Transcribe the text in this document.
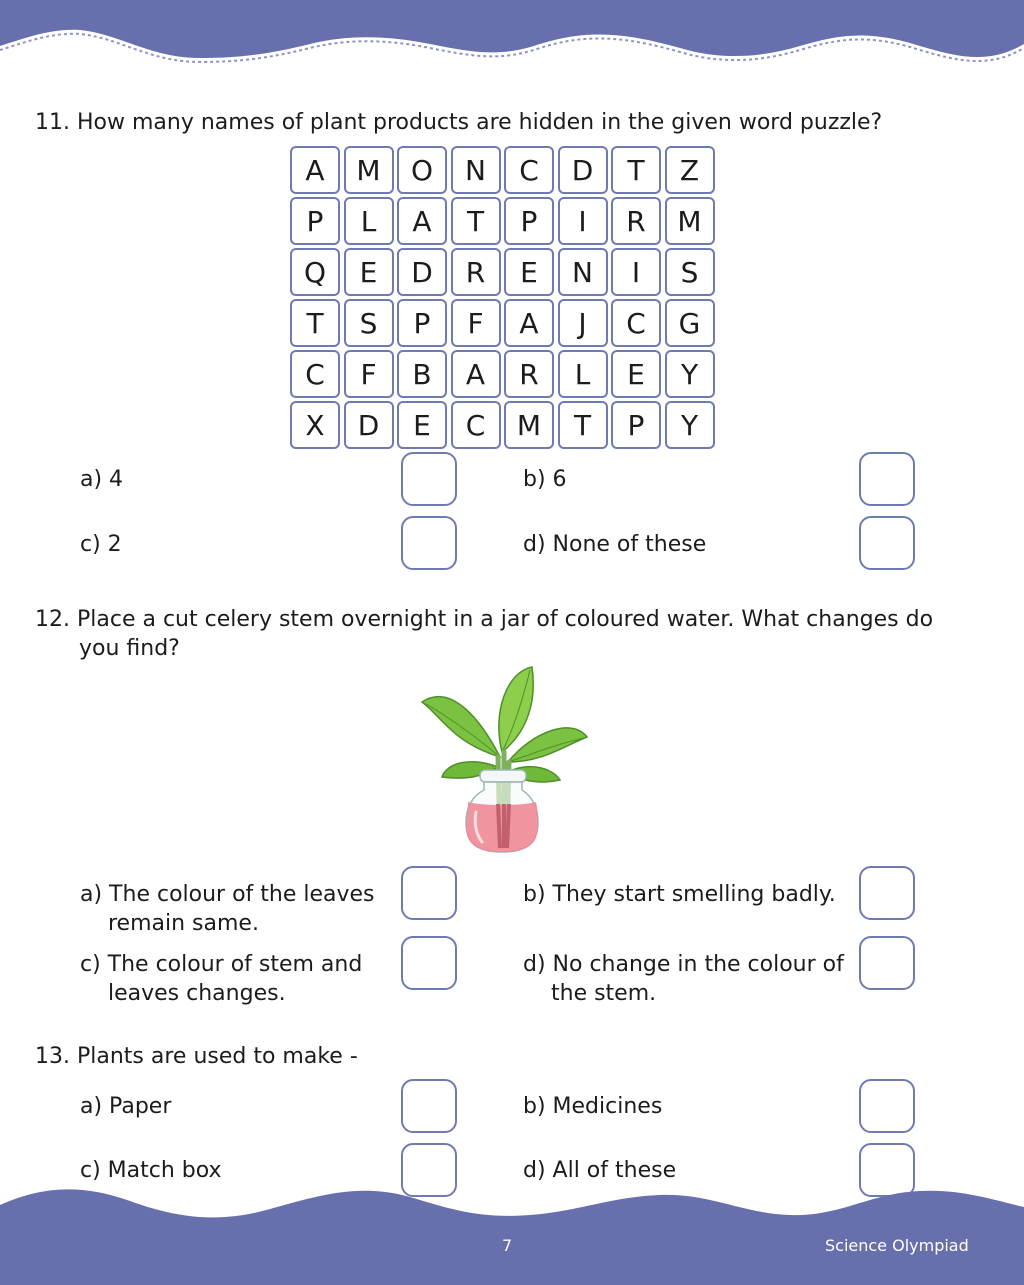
11. How many names of plant products are hidden in the given word puzzle?
A	M	O	N	C	D	T	Z
P	L	A	T	P	I	R	M
Q	E	D	R	E	N	I	S
T	S	P	F	A	J	C	G
C	F	B	A	R	L	E	Y
X	D	E	C	M	T	P	Y
a) 4	b) 6
c) 2	d) None of these
12. Place a cut celery stem overnight in a jar of coloured water. What changes do
you find?
a) The colour of the leaves
remain same.
b) They start smelling badly.
c) The colour of stem and
leaves changes.
d) No change in the colour of
the stem.
13. Plants are used to make -
a) Paper	b) Medicines
c) Match box	d) All of these
7	Science Olympiad
